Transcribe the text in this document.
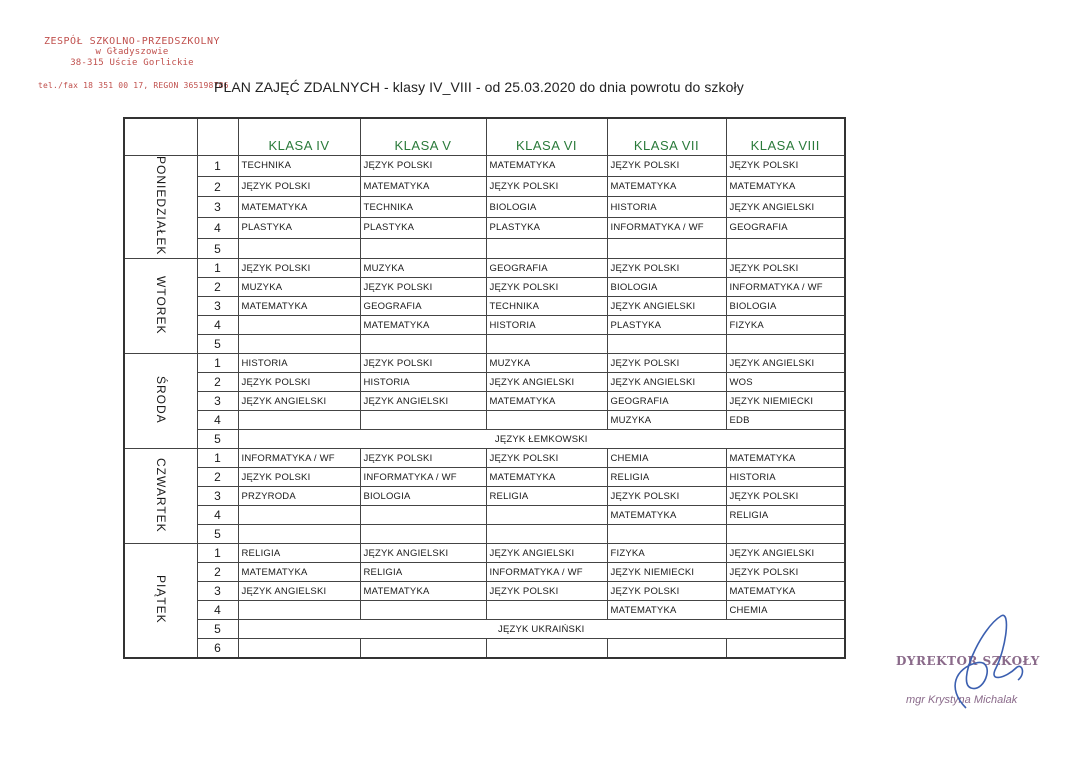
ZESPÓŁ SZKOLNO-PRZEDSZKOLNY
w Gładyszowie
38-315 Uście Gorlickie
tel./fax 18 351 00 17, REGON 365198786
PLAN ZAJĘĆ ZDALNYCH - klasy IV_VIII - od 25.03.2020 do dnia powrotu do szkoły
		KLASA IV	KLASA V	KLASA VI	KLASA VII	KLASA VIII
PONIEDZIAŁEK	1	TECHNIKA	JĘZYK POLSKI	MATEMATYKA	JĘZYK POLSKI	JĘZYK POLSKI
	2	JĘZYK POLSKI	MATEMATYKA	JĘZYK POLSKI	MATEMATYKA	MATEMATYKA
	3	MATEMATYKA	TECHNIKA	BIOLOGIA	HISTORIA	JĘZYK ANGIELSKI
	4	PLASTYKA	PLASTYKA	PLASTYKA	INFORMATYKA / WF	GEOGRAFIA
	5					
WTOREK	1	JĘZYK POLSKI	MUZYKA	GEOGRAFIA	JĘZYK POLSKI	JĘZYK POLSKI
	2	MUZYKA	JĘZYK POLSKI	JĘZYK POLSKI	BIOLOGIA	INFORMATYKA / WF
	3	MATEMATYKA	GEOGRAFIA	TECHNIKA	JĘZYK ANGIELSKI	BIOLOGIA
	4		MATEMATYKA	HISTORIA	PLASTYKA	FIZYKA
	5					
ŚRODA	1	HISTORIA	JĘZYK POLSKI	MUZYKA	JĘZYK POLSKI	JĘZYK ANGIELSKI
	2	JĘZYK POLSKI	HISTORIA	JĘZYK ANGIELSKI	JĘZYK ANGIELSKI	WOS
	3	JĘZYK ANGIELSKI	JĘZYK ANGIELSKI	MATEMATYKA	GEOGRAFIA	JĘZYK NIEMIECKI
	4				MUZYKA	EDB
	5	JĘZYK ŁEMKOWSKI				
CZWARTEK	1	INFORMATYKA / WF	JĘZYK POLSKI	JĘZYK POLSKI	CHEMIA	MATEMATYKA
	2	JĘZYK POLSKI	INFORMATYKA / WF	MATEMATYKA	RELIGIA	HISTORIA
	3	PRZYRODA	BIOLOGIA	RELIGIA	JĘZYK POLSKI	JĘZYK POLSKI
	4				MATEMATYKA	RELIGIA
	5					
PIĄTEK	1	RELIGIA	JĘZYK ANGIELSKI	JĘZYK ANGIELSKI	FIZYKA	JĘZYK ANGIELSKI
	2	MATEMATYKA	RELIGIA	INFORMATYKA / WF	JĘZYK NIEMIECKI	JĘZYK POLSKI
	3	JĘZYK ANGIELSKI	MATEMATYKA	JĘZYK POLSKI	JĘZYK POLSKI	MATEMATYKA
	4				MATEMATYKA	CHEMIA
	5	JĘZYK UKRAIŃSKI				
	6					
DYREKTOR SZKOŁY
mgr Krystyna Michalak
